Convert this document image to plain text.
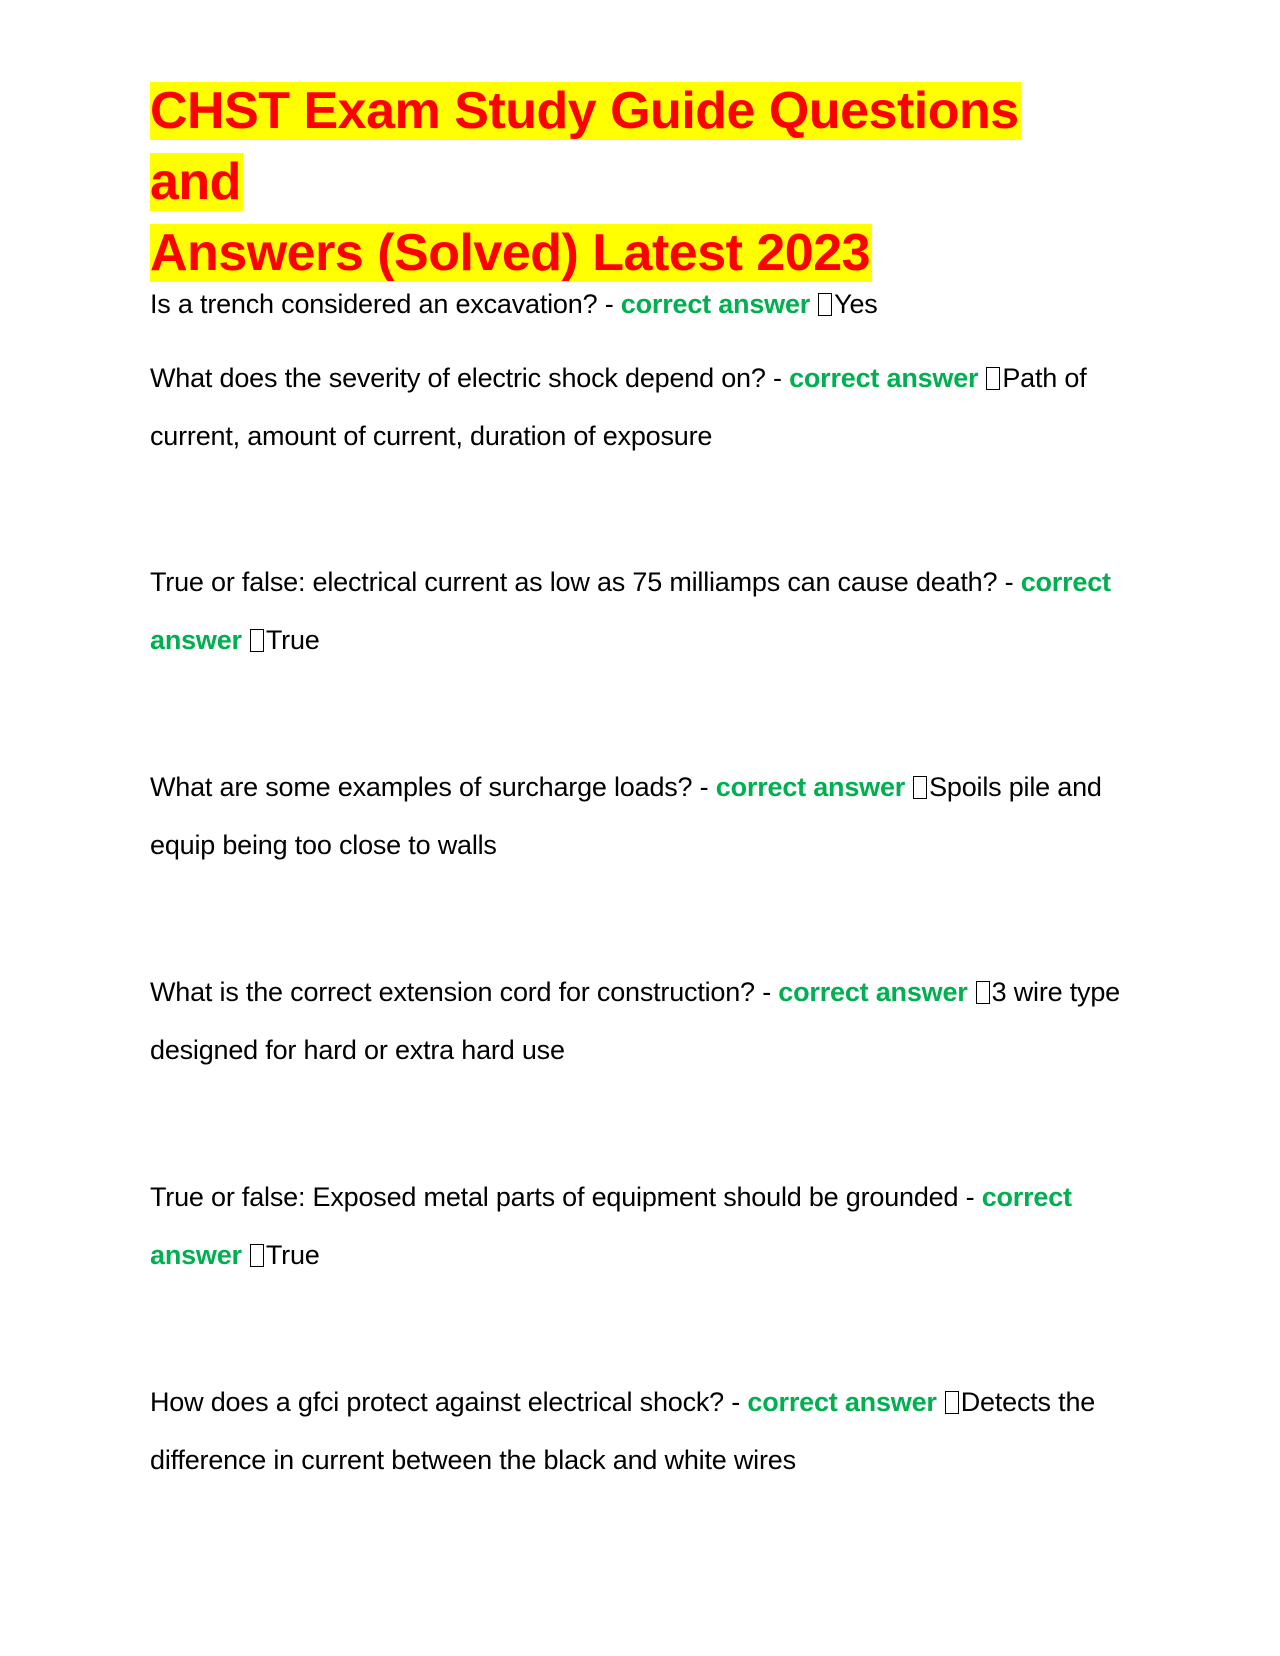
CHST Exam Study Guide Questions and
Answers (Solved) Latest 2023

Is a trench considered an excavation? - correct answer Yes

What does the severity of electric shock depend on? - correct answer Path of current, amount of current, duration of exposure

True or false: electrical current as low as 75 milliamps can cause death? - correct answer True

What are some examples of surcharge loads? - correct answer Spoils pile and equip being too close to walls

What is the correct extension cord for construction? - correct answer 3 wire type designed for hard or extra hard use

True or false: Exposed metal parts of equipment should be grounded - correct answer True

How does a gfci protect against electrical shock? - correct answer Detects the difference in current between the black and white wires
